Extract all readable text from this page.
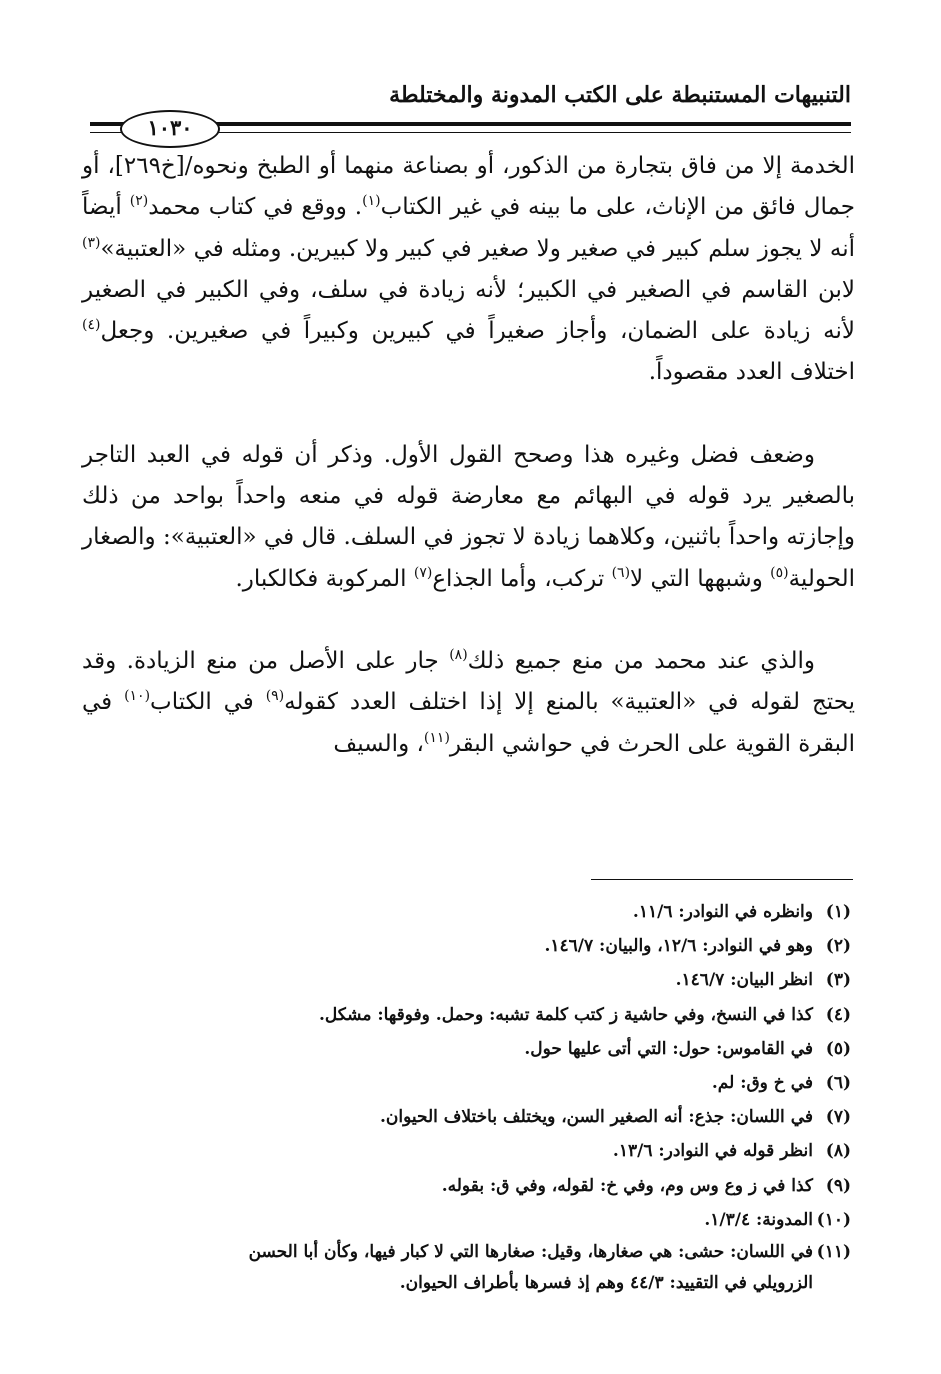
التنبيهات المستنبطة على الكتب المدونة والمختلطة
١٠٣٠

الخدمة إلا من فاق بتجارة من الذكور، أو بصناعة منهما أو الطبخ ونحوه/[خ٢٦٩]، أو جمال فائق من الإناث، على ما بينه في غير الكتاب$^{(١)}$. ووقع في كتاب محمد$^{(٢)}$ أيضاً أنه لا يجوز سلم كبير في صغير ولا صغير في كبير ولا كبيرين. ومثله في «العتبية»$^{(٣)}$ لابن القاسم في الصغير في الكبير؛ لأنه زيادة في سلف، وفي الكبير في الصغير لأنه زيادة على الضمان، وأجاز صغيراً في كبيرين وكبيراً في صغيرين. وجعل$^{(٤)}$ اختلاف العدد مقصوداً.

وضعف فضل وغيره هذا وصحح القول الأول. وذكر أن قوله في العبد التاجر بالصغير يرد قوله في البهائم مع معارضة قوله في منعه واحداً بواحد من ذلك وإجازته واحداً باثنين، وكلاهما زيادة لا تجوز في السلف. قال في «العتبية»: والصغار الحولية$^{(٥)}$ وشبهها التي لا$^{(٦)}$ تركب، وأما الجذاع$^{(٧)}$ المركوبة فكالكبار.

والذي عند محمد من منع جميع ذلك$^{(٨)}$ جار على الأصل من منع الزيادة. وقد يحتج لقوله في «العتبية» بالمنع إلا إذا اختلف العدد كقوله$^{(٩)}$ في الكتاب$^{(١٠)}$ في البقرة القوية على الحرث في حواشي البقر$^{(١١)}$، والسيف

(١)وانظره في النوادر: ١١/٦.
(٢)وهو في النوادر: ١٢/٦، والبيان: ١٤٦/٧.
(٣)انظر البيان: ١٤٦/٧.
(٤)كذا في النسخ، وفي حاشية ز كتب كلمة تشبه: وحمل. وفوقها: مشكل.
(٥)في القاموس: حول: التي أتى عليها حول.
(٦)في خ وق: لم.
(٧)في اللسان: جذع: أنه الصغير السن، ويختلف باختلاف الحيوان.
(٨)انظر قوله في النوادر: ١٣/٦.
(٩)كذا في ز وع وس وم، وفي خ: لقوله، وفي ق: بقوله.
(١٠)المدونة: ١/٣/٤.
(١١)في اللسان: حشى: هي صغارها، وقيل: صغارها التي لا كبار فيها، وكأن أبا الحسن
الزرويلي في التقييد: ٤٤/٣ وهم إذ فسرها بأطراف الحيوان.
